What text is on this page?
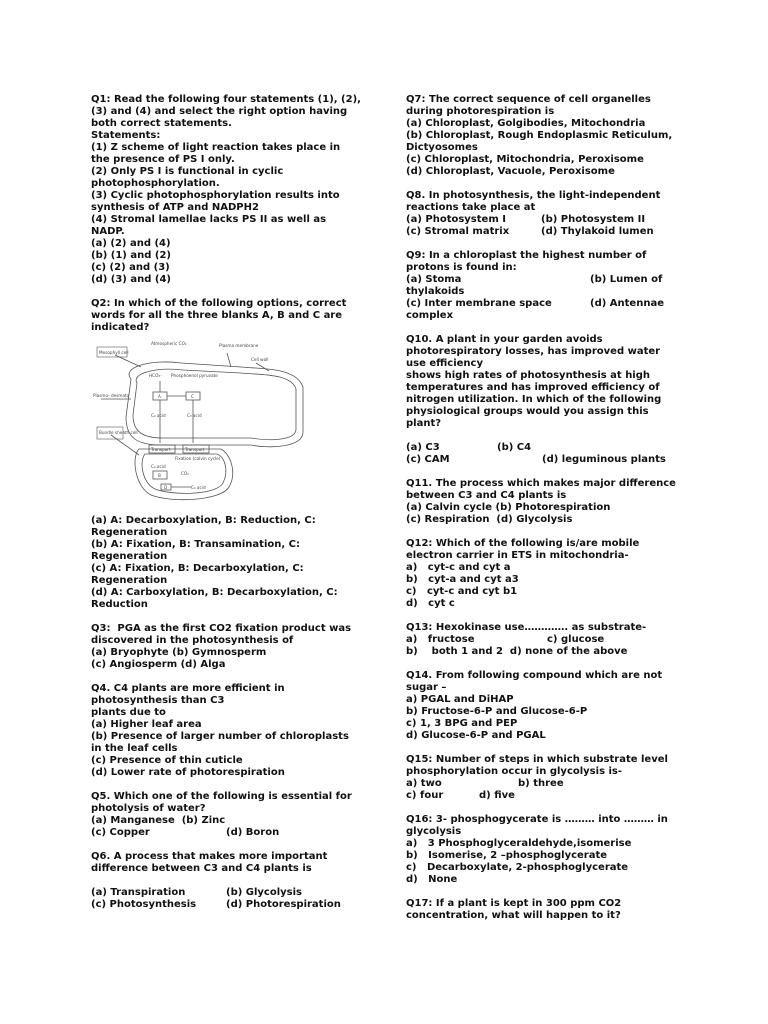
Q1: Read the following four statements (1), (2),
(3) and (4) and select the right option having
both correct statements.
Statements:
(1) Z scheme of light reaction takes place in
the presence of PS I only.
(2) Only PS I is functional in cyclic
photophosphorylation.
(3) Cyclic photophosphorylation results into
synthesis of ATP and NADPH2
(4) Stromal lamellae lacks PS II as well as
NADP.
(a) (2) and (4)
(b) (1) and (2)
(c) (2) and (3)
(d) (3) and (4)
Q2: In which of the following options, correct
words for all the three blanks A, B and C are
indicated?
Atmospheric CO₂	Plasma membrane
Mesophyll cell
Cell wall
HCO₃⁻ Phosphoenol pyruvate
A	C
C₄ acid	C₃ acid
Plasmo- desmata
Bundle sheath cell
Transport	Transport
Fixation (calvin cycle)
C₄ acid
CO₂
B
C₄ acid
D
(a) A: Decarboxylation, B: Reduction, C:
Regeneration
(b) A: Fixation, B: Transamination, C:
Regeneration
(c) A: Fixation, B: Decarboxylation, C:
Regeneration
(d) A: Carboxylation, B: Decarboxylation, C:
Reduction
Q3:  PGA as the first CO2 fixation product was
discovered in the photosynthesis of
(a) Bryophyte (b) Gymnosperm
(c) Angiosperm (d) Alga
Q4. C4 plants are more efficient in
photosynthesis than C3
plants due to
(a) Higher leaf area
(b) Presence of larger number of chloroplasts
in the leaf cells
(c) Presence of thin cuticle
(d) Lower rate of photorespiration
Q5. Which one of the following is essential for
photolysis of water?
(a) Manganese  (b) Zinc
(c) Copper	(d) Boron
Q6. A process that makes more important
difference between C3 and C4 plants is
(a) Transpiration	(b) Glycolysis
(c) Photosynthesis	(d) Photorespiration
Q7: The correct sequence of cell organelles
during photorespiration is
(a) Chloroplast, Golgibodies, Mitochondria
(b) Chloroplast, Rough Endoplasmic Reticulum,
Dictyosomes
(c) Chloroplast, Mitochondria, Peroxisome
(d) Chloroplast, Vacuole, Peroxisome
Q8. In photosynthesis, the light-independent
reactions take place at
(a) Photosystem I	(b) Photosystem II
(c) Stromal matrix	(d) Thylakoid lumen
Q9: In a chloroplast the highest number of
protons is found in:
(a) Stoma	(b) Lumen of
thylakoids
(c) Inter membrane space	(d) Antennae
complex
Q10. A plant in your garden avoids
photorespiratory losses, has improved water
use efficiency
shows high rates of photosynthesis at high
temperatures and has improved efficiency of
nitrogen utilization. In which of the following
physiological groups would you assign this
plant?
(a) C3	(b) C4
(c) CAM	(d) leguminous plants
Q11. The process which makes major difference
between C3 and C4 plants is
(a) Calvin cycle (b) Photorespiration
(c) Respiration  (d) Glycolysis
Q12: Which of the following is/are mobile
electron carrier in ETS in mitochondria-
a)   cyt-c and cyt a
b)   cyt-a and cyt a3
c)   cyt-c and cyt b1
d)   cyt c
Q13: Hexokinase use…………. as substrate-
a)   fructose	c) glucose
b)    both 1 and 2  d) none of the above
Q14. From following compound which are not
sugar –
a) PGAL and DiHAP
b) Fructose-6-P and Glucose-6-P
c) 1, 3 BPG and PEP
d) Glucose-6-P and PGAL
Q15: Number of steps in which substrate level
phosphorylation occur in glycolysis is-
a) two	b) three
c) four	d) five
Q16: 3- phosphogycerate is ……… into ……… in
glycolysis
a)   3 Phosphoglyceraldehyde,isomerise
b)   Isomerise, 2 –phosphoglycerate
c)   Decarboxylate, 2-phosphoglycerate
d)   None
Q17: If a plant is kept in 300 ppm CO2
concentration, what will happen to it?
